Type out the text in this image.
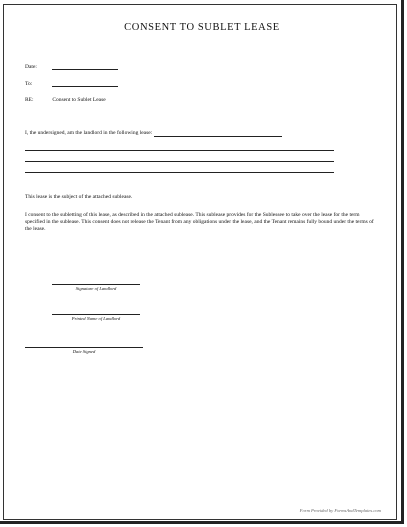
CONSENT TO SUBLET LEASE
Date:
To:
RE:	Consent to Sublet Lease
I, the undersigned, am the landlord in the following lease:
This lease is the subject of the attached sublease.
I consent to the subletting of this lease, as described in the attached sublease. This sublease provides for the Sublessee to take over the lease for the term specified in the sublease. This consent does not release the Tenant from any obligations under the lease, and the Tenant remains fully bound under the terms of the lease.
Signature of Landlord
Printed Name of Landlord
Date Signed
Form Provided by FormsAndTemplates.com
